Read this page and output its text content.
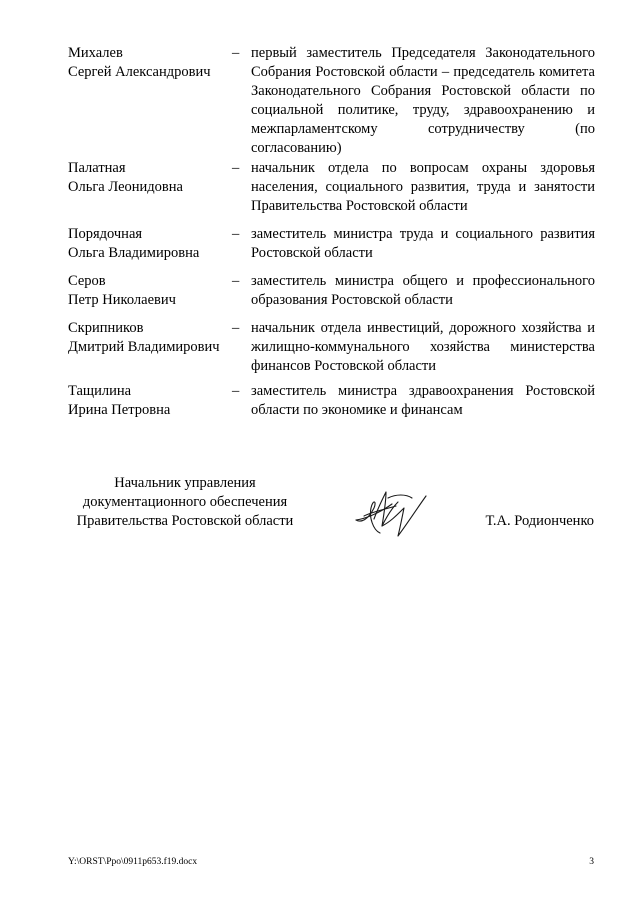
Михалев
Сергей Александрович
– первый заместитель Председателя Законодательного Собрания Ростовской области – председатель комитета Законодательного Собрания Ростовской области по социальной политике, труду, здравоохранению и межпарламентскому сотрудничеству (по согласованию)
Палатная
Ольга Леонидовна
– начальник отдела по вопросам охраны здоровья населения, социального развития, труда и занятости Правительства Ростовской области
Порядочная
Ольга Владимировна
– заместитель министра труда и социального развития Ростовской области
Серов
Петр Николаевич
– заместитель министра общего и профессионального образования Ростовской области
Скрипников
Дмитрий Владимирович
– начальник отдела инвестиций, дорожного хозяйства и жилищно-коммунального хозяйства министерства финансов Ростовской области
Тащилина
Ирина Петровна
– заместитель министра здравоохранения Ростовской области по экономике и финансам
Начальник управления
документационного обеспечения
Правительства Ростовской области	Т.А. Родионченко
Y:\ORST\Ppo\0911p653.f19.docx	3
